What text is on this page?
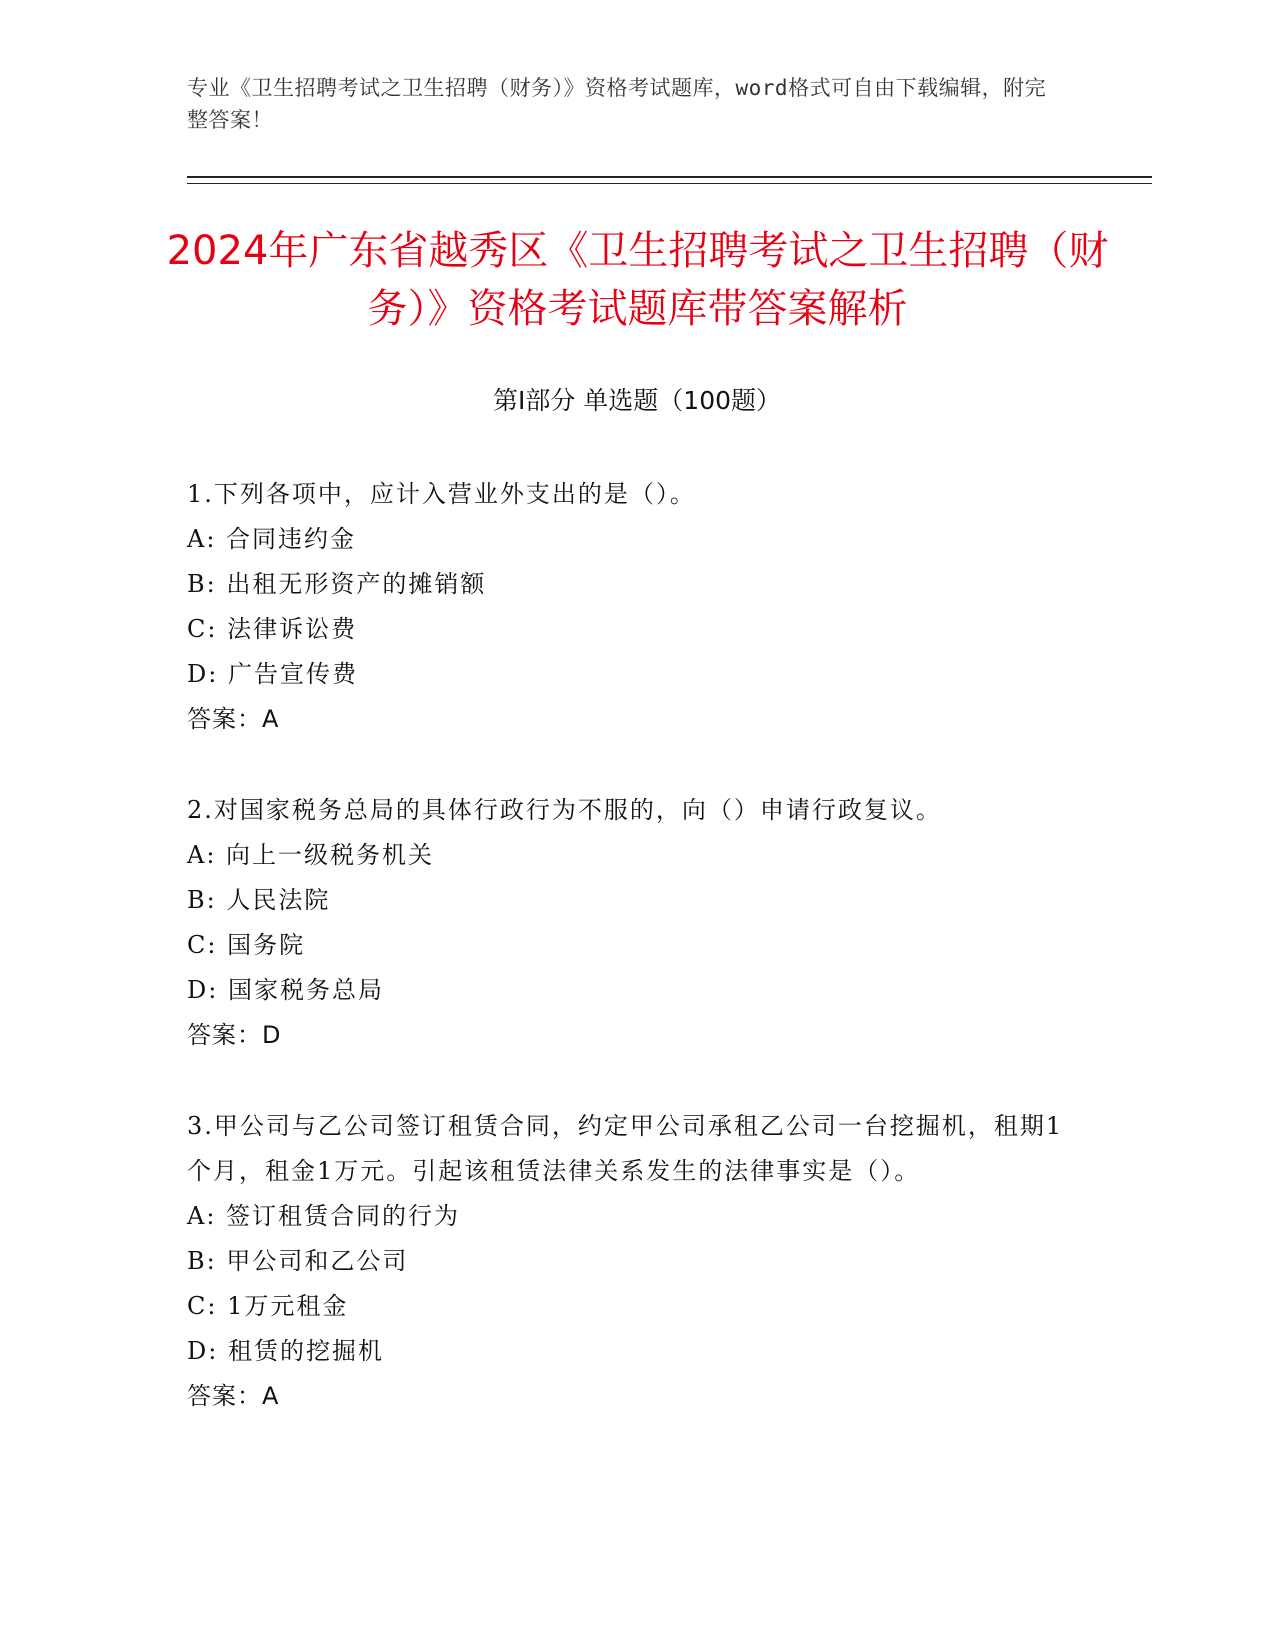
专业《卫生招聘考试之卫生招聘（财务）》资格考试题库，word格式可自由下载编辑，附完整答案！
2024年广东省越秀区《卫生招聘考试之卫生招聘（财务）》资格考试题库带答案解析
第I部分 单选题（100题）
1.下列各项中，应计入营业外支出的是（）。
A: 合同违约金
B: 出租无形资产的摊销额
C: 法律诉讼费
D: 广告宣传费
答案：A
2.对国家税务总局的具体行政行为不服的，向（）申请行政复议。
A: 向上一级税务机关
B: 人民法院
C: 国务院
D: 国家税务总局
答案：D
3.甲公司与乙公司签订租赁合同，约定甲公司承租乙公司一台挖掘机，租期1个月，租金1万元。引起该租赁法律关系发生的法律事实是（）。
A: 签订租赁合同的行为
B: 甲公司和乙公司
C: 1万元租金
D: 租赁的挖掘机
答案：A
